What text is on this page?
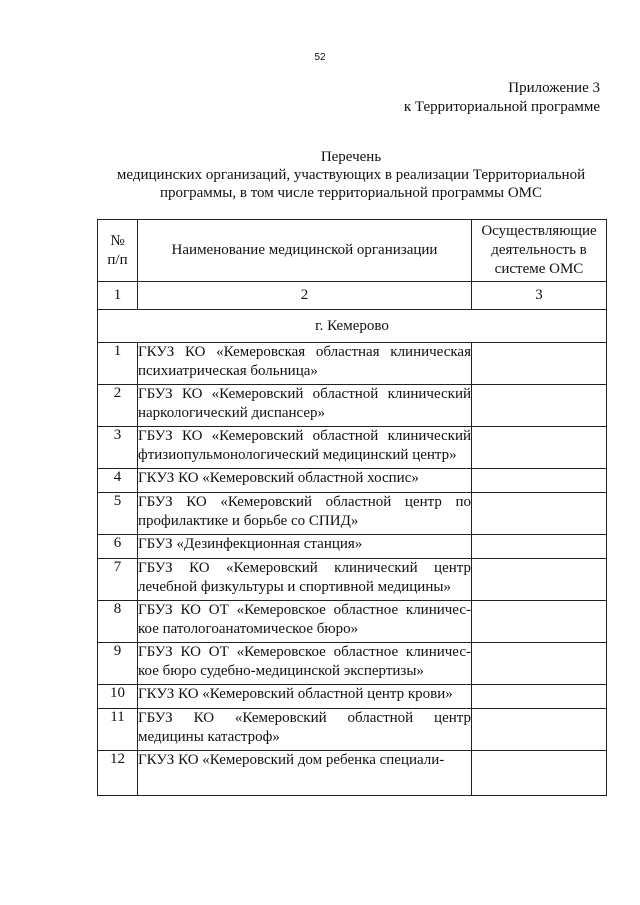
52
Приложение 3
к Территориальной программе
Перечень
медицинских организаций, участвующих в реализации Территориальной
программы, в том числе территориальной программы ОМС
№ п/п	Наименование медицинской организации	Осуществляющие деятельность в системе ОМС
1	2	3
г. Кемерово		
1	ГКУЗ КО «Кемеровская областная клиническая психиатрическая больница»	
2	ГБУЗ КО «Кемеровский областной клинический наркологический диспансер»	
3	ГБУЗ КО «Кемеровский областной клинический фтизиопульмонологический медицинский центр»	
4	ГКУЗ КО «Кемеровский областной хоспис»	
5	ГБУЗ КО «Кемеровский областной центр по профилактике и борьбе со СПИД»	
6	ГБУЗ «Дезинфекционная станция»	
7	ГБУЗ КО «Кемеровский клинический центр лечебной физкультуры и спортивной медицины»	
8	ГБУЗ КО ОТ «Кемеровское областное клиничес-кое патологоанатомическое бюро»	
9	ГБУЗ КО ОТ «Кемеровское областное клиничес-кое бюро судебно-медицинской экспертизы»	
10	ГКУЗ КО «Кемеровский областной центр крови»	
11	ГБУЗ КО «Кемеровский областной центр медицины катастроф»	
12	ГКУЗ КО «Кемеровский дом ребенка специали-	
